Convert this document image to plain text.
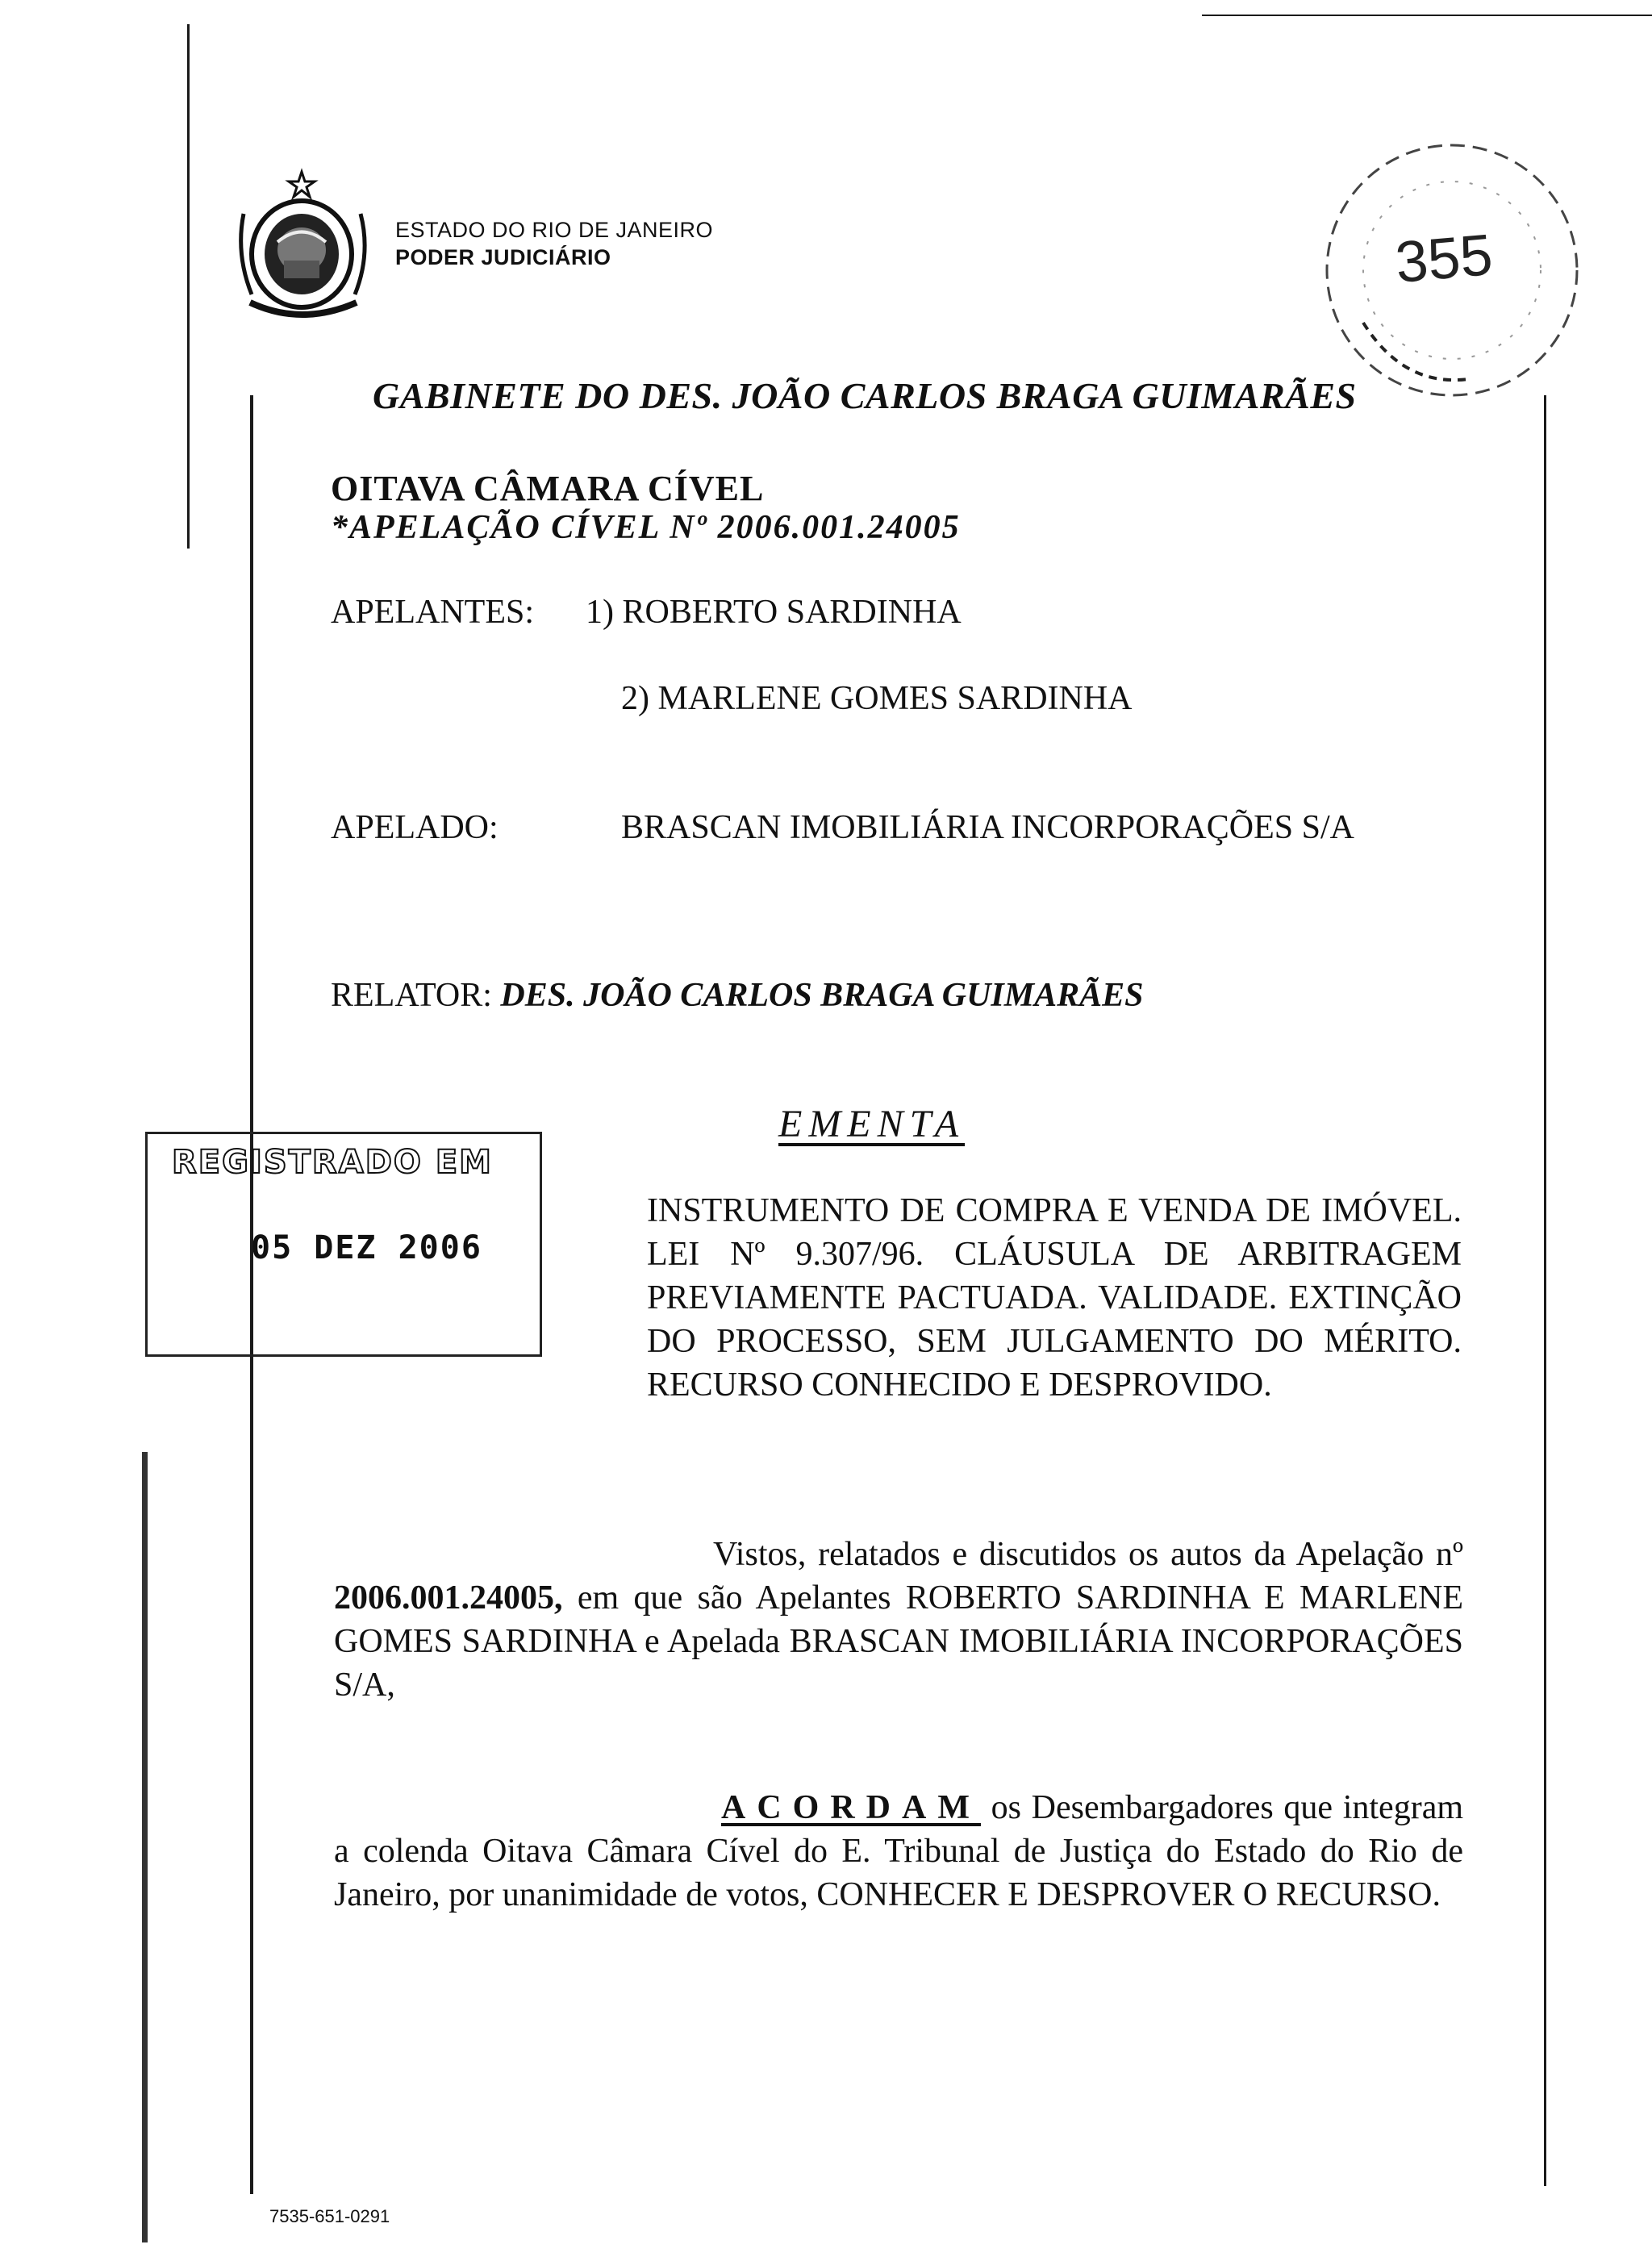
ESTADO DO RIO DE JANEIRO
PODER JUDICIÁRIO	355
GABINETE DO DES. JOÃO CARLOS BRAGA GUIMARÃES
OITAVA CÂMARA CÍVEL
*APELAÇÃO CÍVEL Nº 2006.001.24005
APELANTES: 1) ROBERTO SARDINHA
2) MARLENE GOMES SARDINHA
APELADO:	BRASCAN IMOBILIÁRIA INCORPORAÇÕES S/A
RELATOR: DES. JOÃO CARLOS BRAGA GUIMARÃES
REGISTRADO EM
05 DEZ 2006
EMENTA
INSTRUMENTO DE COMPRA E VENDA DE IMÓVEL. LEI Nº 9.307/96. CLÁUSULA DE ARBITRAGEM PREVIAMENTE PACTUADA. VALIDADE. EXTINÇÃO DO PROCESSO, SEM JULGAMENTO DO MÉRITO. RECURSO CONHECIDO E DESPROVIDO.
Vistos, relatados e discutidos os autos da Apelação nº 2006.001.24005, em que são Apelantes ROBERTO SARDINHA E MARLENE GOMES SARDINHA e Apelada BRASCAN IMOBILIÁRIA INCORPORAÇÕES S/A,
ACORDAM os Desembargadores que integram a colenda Oitava Câmara Cível do E. Tribunal de Justiça do Estado do Rio de Janeiro, por unanimidade de votos, CONHECER E DESPROVER O RECURSO.
7535-651-0291
